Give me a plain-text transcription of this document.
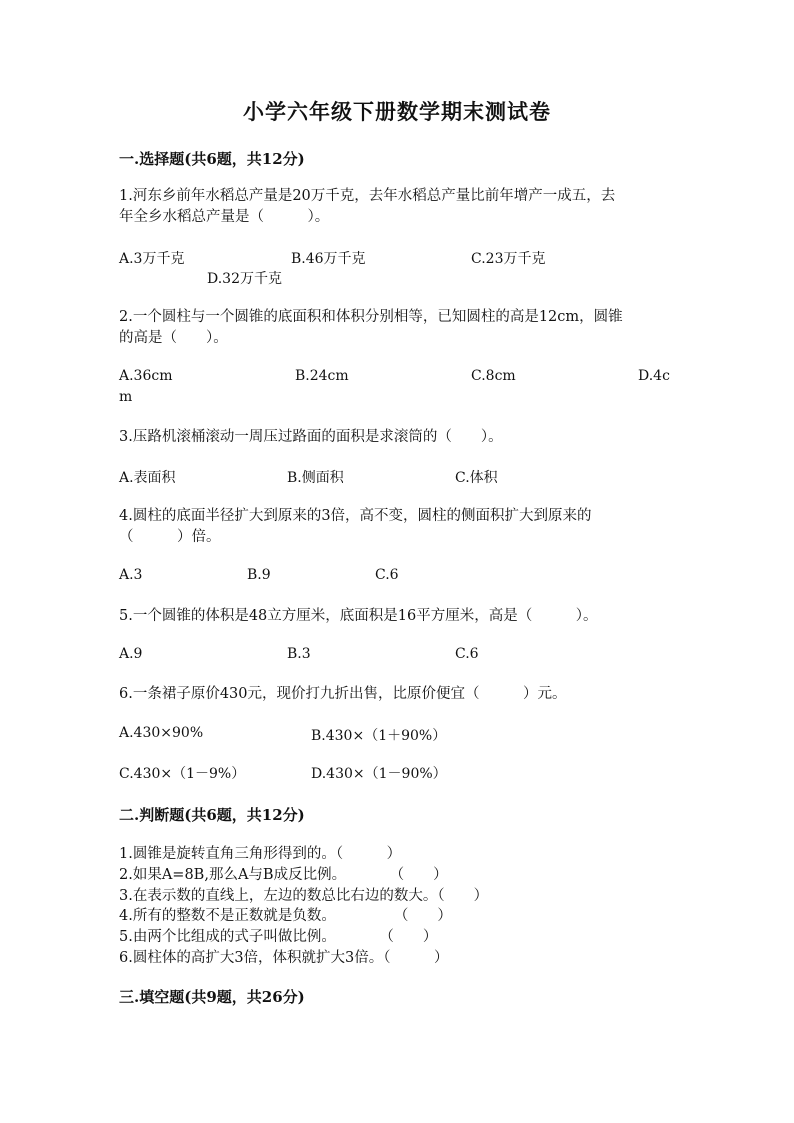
小学六年级下册数学期末测试卷
一.选择题(共6题，共12分)
1.河东乡前年水稻总产量是20万千克，去年水稻总产量比前年增产一成五，去
年全乡水稻总产量是（　　　）。
A.3万千克	B.46万千克	C.23万千克
D.32万千克
2.一个圆柱与一个圆锥的底面积和体积分别相等，已知圆柱的高是12cm，圆锥
的高是（　　）。
A.36cm	B.24cm	C.8cm	D.4c
m
3.压路机滚桶滚动一周压过路面的面积是求滚筒的（　　）。
A.表面积	B.侧面积	C.体积
4.圆柱的底面半径扩大到原来的3倍，高不变，圆柱的侧面积扩大到原来的
（　　　）倍。
A.3	B.9	C.6
5.一个圆锥的体积是48立方厘米，底面积是16平方厘米，高是（　　　）。
A.9	B.3	C.6
6.一条裙子原价430元，现价打九折出售，比原价便宜（　　　）元。
A.430×90%	B.430×（1＋90%）
C.430×（1－9%）	D.430×（1－90%）
二.判断题(共6题，共12分)
1.圆锥是旋转直角三角形得到的。（　　　）
2.如果A=8B,那么A与B成反比例。　　　　（　　）
3.在表示数的直线上，左边的数总比右边的数大。（　　）
4.所有的整数不是正数就是负数。　　　　　（　　）
5.由两个比组成的式子叫做比例。　　　　（　　）
6.圆柱体的高扩大3倍，体积就扩大3倍。（　　　）
三.填空题(共9题，共26分)
